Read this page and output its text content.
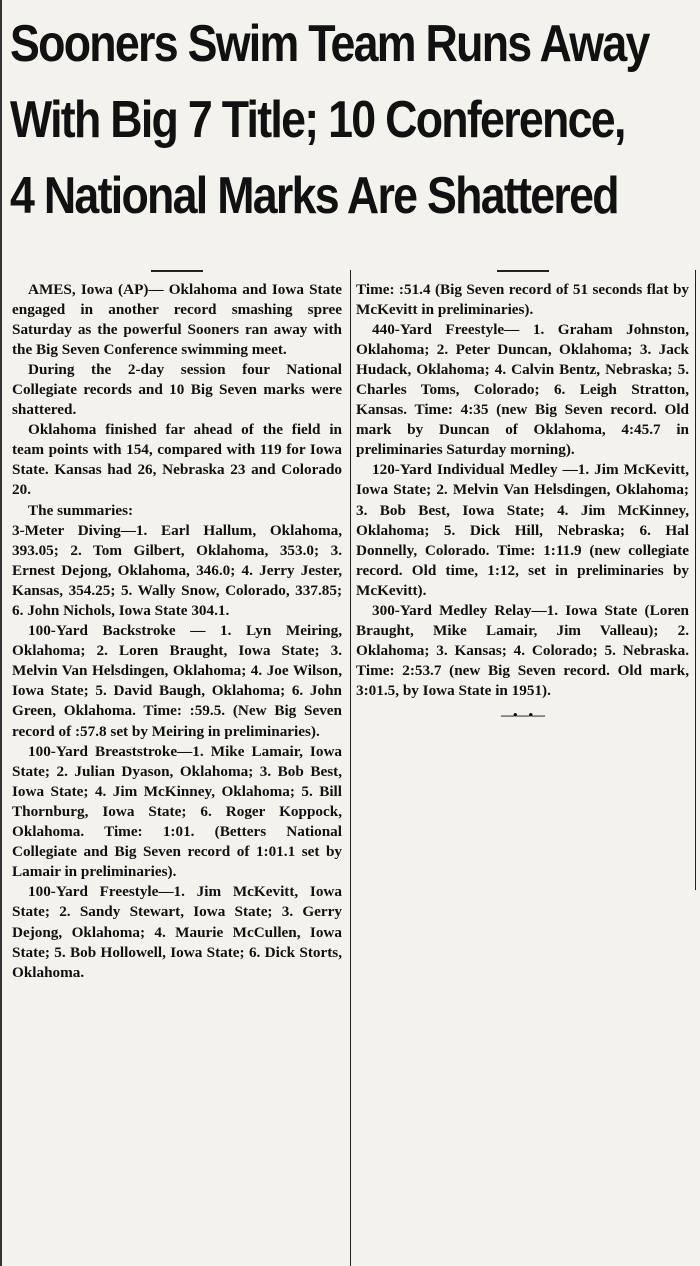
Sooners Swim Team Runs Away
With Big 7 Title; 10 Conference,
4 National Marks Are Shattered

AMES, Iowa (AP)— Oklahoma and Iowa State engaged in another record smashing spree Saturday as the powerful Sooners ran away with the Big Seven Conference swimming meet.

During the 2-day session four National Collegiate records and 10 Big Seven marks were shattered.

Oklahoma finished far ahead of the field in team points with 154, compared with 119 for Iowa State. Kansas had 26, Nebraska 23 and Colorado 20.

The summaries:

3-Meter Diving—1. Earl Hallum, Oklahoma, 393.05; 2. Tom Gilbert, Oklahoma, 353.0; 3. Ernest Dejong, Oklahoma, 346.0; 4. Jerry Jester, Kansas, 354.25; 5. Wally Snow, Colorado, 337.85; 6. John Nichols, Iowa State 304.1.

100-Yard Backstroke — 1. Lyn Meiring, Oklahoma; 2. Loren Braught, Iowa State; 3. Melvin Van Helsdingen, Oklahoma; 4. Joe Wilson, Iowa State; 5. David Baugh, Oklahoma; 6. John Green, Oklahoma. Time: :59.5. (New Big Seven record of :57.8 set by Meiring in preliminaries).

100-Yard Breaststroke—1. Mike Lamair, Iowa State; 2. Julian Dyason, Oklahoma; 3. Bob Best, Iowa State; 4. Jim McKinney, Oklahoma; 5. Bill Thornburg, Iowa State; 6. Roger Koppock, Oklahoma. Time: 1:01. (Betters National Collegiate and Big Seven record of 1:01.1 set by Lamair in preliminaries).

100-Yard Freestyle—1. Jim McKevitt, Iowa State; 2. Sandy Stewart, Iowa State; 3. Gerry Dejong, Oklahoma; 4. Maurie McCullen, Iowa State; 5. Bob Hollowell, Iowa State; 6. Dick Storts, Oklahoma.

Time: :51.4 (Big Seven record of 51 seconds flat by McKevitt in preliminaries).

440-Yard Freestyle— 1. Graham Johnston, Oklahoma; 2. Peter Duncan, Oklahoma; 3. Jack Hudack, Oklahoma; 4. Calvin Bentz, Nebraska; 5. Charles Toms, Colorado; 6. Leigh Stratton, Kansas. Time: 4:35 (new Big Seven record. Old mark by Duncan of Oklahoma, 4:45.7 in preliminaries Saturday morning).

120-Yard Individual Medley —1. Jim McKevitt, Iowa State; 2. Melvin Van Helsdingen, Oklahoma; 3. Bob Best, Iowa State; 4. Jim McKinney, Oklahoma; 5. Dick Hill, Nebraska; 6. Hal Donnelly, Colorado. Time: 1:11.9 (new collegiate record. Old time, 1:12, set in preliminaries by McKevitt).

300-Yard Medley Relay—1. Iowa State (Loren Braught, Mike Lamair, Jim Valleau); 2. Oklahoma; 3. Kansas; 4. Colorado; 5. Nebraska. Time: 2:53.7 (new Big Seven record. Old mark, 3:01.5, by Iowa State in 1951).

—•—•—
